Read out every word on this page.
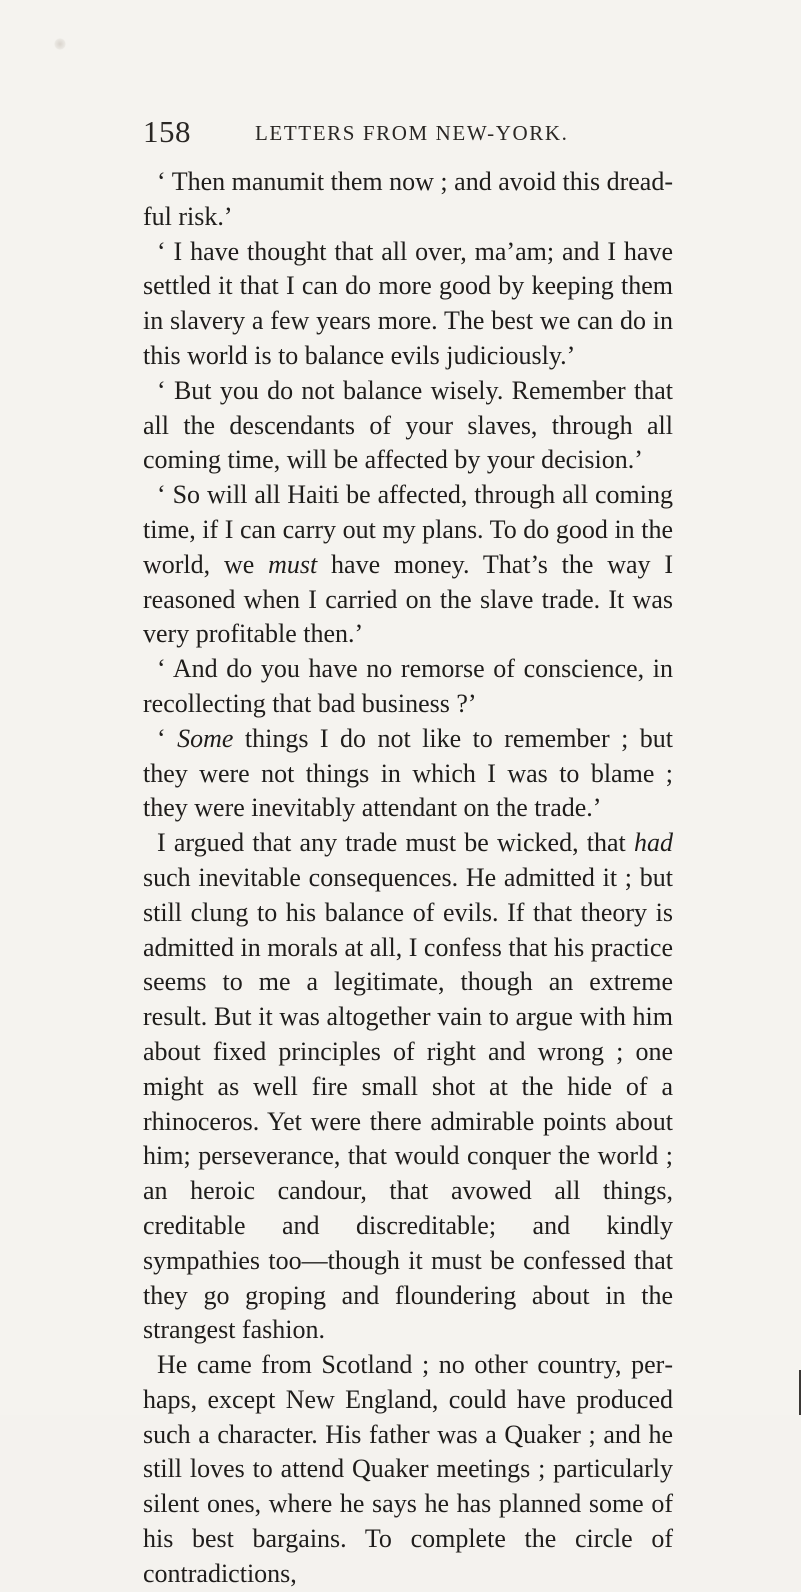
158	LETTERS FROM NEW-YORK.

‘ Then manumit them now ; and avoid this dreadful risk.’

‘ I have thought that all over, ma’am; and I have settled it that I can do more good by keeping them in slavery a few years more. The best we can do in this world is to balance evils judiciously.’

‘ But you do not balance wisely. Remember that all the descendants of your slaves, through all coming time, will be affected by your decision.’

‘ So will all Haiti be affected, through all coming time, if I can carry out my plans. To do good in the world, we must have money. That’s the way I reasoned when I carried on the slave trade. It was very profitable then.’

‘ And do you have no remorse of conscience, in recollecting that bad business ?’

‘ Some things I do not like to remember ; but they were not things in which I was to blame ; they were inevitably attendant on the trade.’

I argued that any trade must be wicked, that had such inevitable consequences. He admitted it ; but still clung to his balance of evils. If that theory is admitted in morals at all, I confess that his practice seems to me a legitimate, though an extreme result. But it was altogether vain to argue with him about fixed principles of right and wrong ; one might as well fire small shot at the hide of a rhinoceros. Yet were there admirable points about him; perseverance, that would conquer the world ; an heroic candour, that avowed all things, creditable and discreditable; and kindly sympathies too—though it must be confessed that they go groping and floundering about in the strangest fashion.

He came from Scotland ; no other country, perhaps, except New England, could have produced such a character. His father was a Quaker ; and he still loves to attend Quaker meetings ; particularly silent ones, where he says he has planned some of his best bargains. To complete the circle of contradictions,
